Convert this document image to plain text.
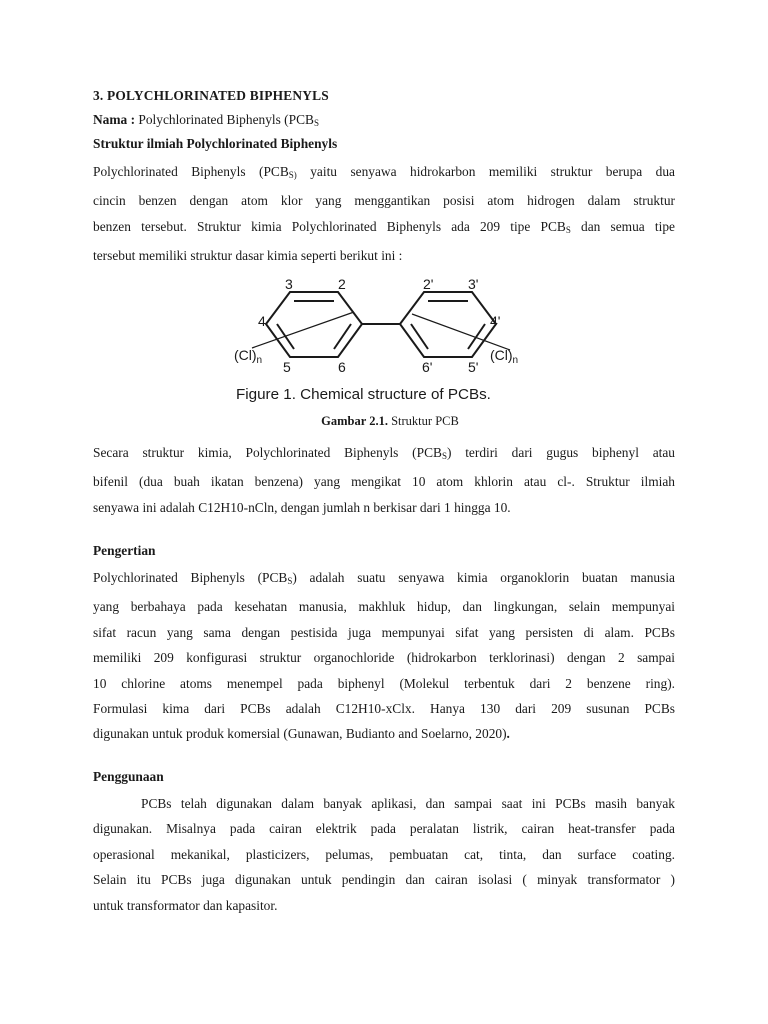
3. POLYCHLORINATED BIPHENYLS
Nama : Polychlorinated Biphenyls ($PCB_S$
Struktur ilmiah Polychlorinated Biphenyls
Polychlorinated Biphenyls ($PCB_{S)}$ yaitu senyawa hidrokarbon memiliki struktur berupa dua
cincin benzen dengan atom klor yang menggantikan posisi atom hidrogen dalam struktur
benzen tersebut. Struktur kimia Polychlorinated Biphenyls ada 209 tipe $PCB_S$ dan semua tipe
tersebut memiliki struktur dasar kimia seperti berikut ini :
3	2
4
5	6
$(Cl)_n$
2' 3'
4'
6'	5'
$(Cl)_n$
Figure 1. Chemical structure of PCBs.
Gambar 2.1. Struktur PCB
Secara struktur kimia, Polychlorinated Biphenyls $(PCB_S)$ terdiri dari gugus biphenyl atau
bifenil (dua buah ikatan benzena) yang mengikat 10 atom khlorin atau cl-. Struktur ilmiah
senyawa ini adalah C12H10-nCln, dengan jumlah n berkisar dari 1 hingga 10.
Pengertian
Polychlorinated Biphenyls $(PCB_S)$ adalah suatu senyawa kimia organoklorin buatan manusia
yang berbahaya pada kesehatan manusia, makhluk hidup, dan lingkungan, selain mempunyai
sifat racun yang sama dengan pestisida juga mempunyai sifat yang persisten di alam. PCBs
memiliki 209 konfigurasi struktur organochloride (hidrokarbon terklorinasi) dengan 2 sampai
10 chlorine atoms menempel pada biphenyl (Molekul terbentuk dari 2 benzene ring).
Formulasi kima dari PCBs adalah C12H10-xClx. Hanya 130 dari 209 susunan PCBs
digunakan untuk produk komersial (Gunawan, Budianto and Soelarno, 2020).
Penggunaan
PCBs telah digunakan dalam banyak aplikasi, dan sampai saat ini PCBs masih banyak
digunakan. Misalnya pada cairan elektrik pada peralatan listrik, cairan heat-transfer pada
operasional mekanikal, plasticizers, pelumas, pembuatan cat, tinta, dan surface coating.
Selain itu PCBs juga digunakan untuk pendingin dan cairan isolasi ( minyak transformator )
untuk transformator dan kapasitor.
